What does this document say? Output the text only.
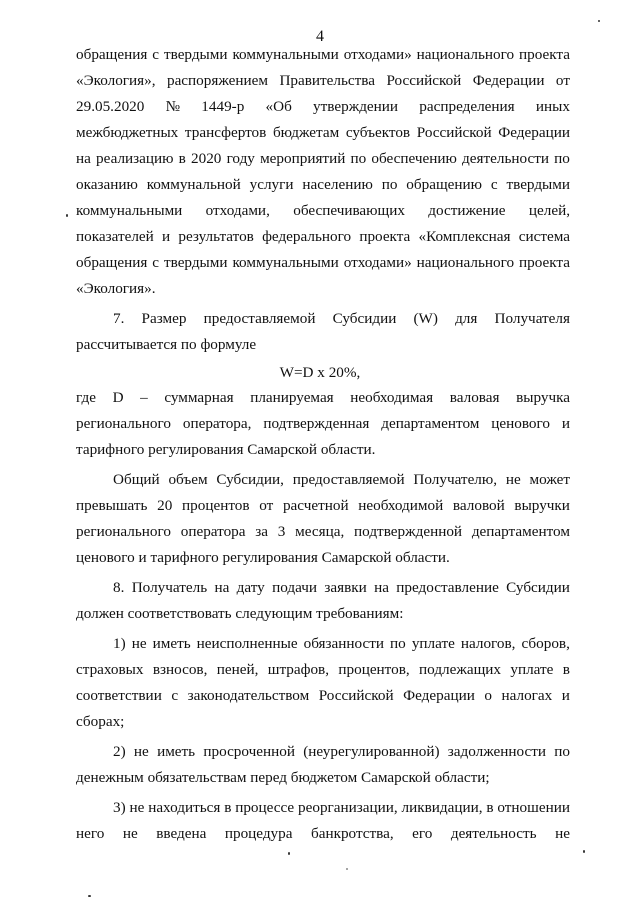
4
обращения с твердыми коммунальными отходами» национального проекта
«Экология», распоряжением Правительства Российской Федерации от
29.05.2020 № 1449-р «Об утверждении распределения иных
межбюджетных трансфертов бюджетам субъектов Российской Федерации
на реализацию в 2020 году мероприятий по обеспечению деятельности по
оказанию коммунальной услуги населению по обращению с твердыми
коммунальными отходами, обеспечивающих достижение целей,
показателей и результатов федерального проекта «Комплексная система
обращения с твердыми коммунальными отходами» национального проекта
«Экология».
7. Размер предоставляемой Субсидии (W) для Получателя
рассчитывается
по
формуле
где D – суммарная планируемая необходимая валовая выручка
регионального оператора, подтвержденная департаментом ценового и
тарифного
регулирования
Самарской
области.
Общий объем Субсидии, предоставляемой Получателю, не может
превышать 20 процентов от расчетной необходимой валовой выручки
регионального оператора за 3 месяца, подтвержденной департаментом
ценового
и
тарифного
регулирования
Самарской
области.
8. Получатель на дату подачи заявки на предоставление Субсидии
должен
соответствовать
следующим
требованиям:
1) не иметь неисполненные обязанности по уплате налогов, сборов,
страховых взносов, пеней, штрафов, процентов, подлежащих уплате в
соответствии с законодательством Российской Федерации о налогах и
сборах;
2) не иметь просроченной (неурегулированной) задолженности по
денежным
обязательствам
перед
бюджетом
Самарской
области;
3) не находиться в процессе реорганизации, ликвидации, в отношении
него не введена процедура банкротства, его деятельность не
W=D x 20%,
